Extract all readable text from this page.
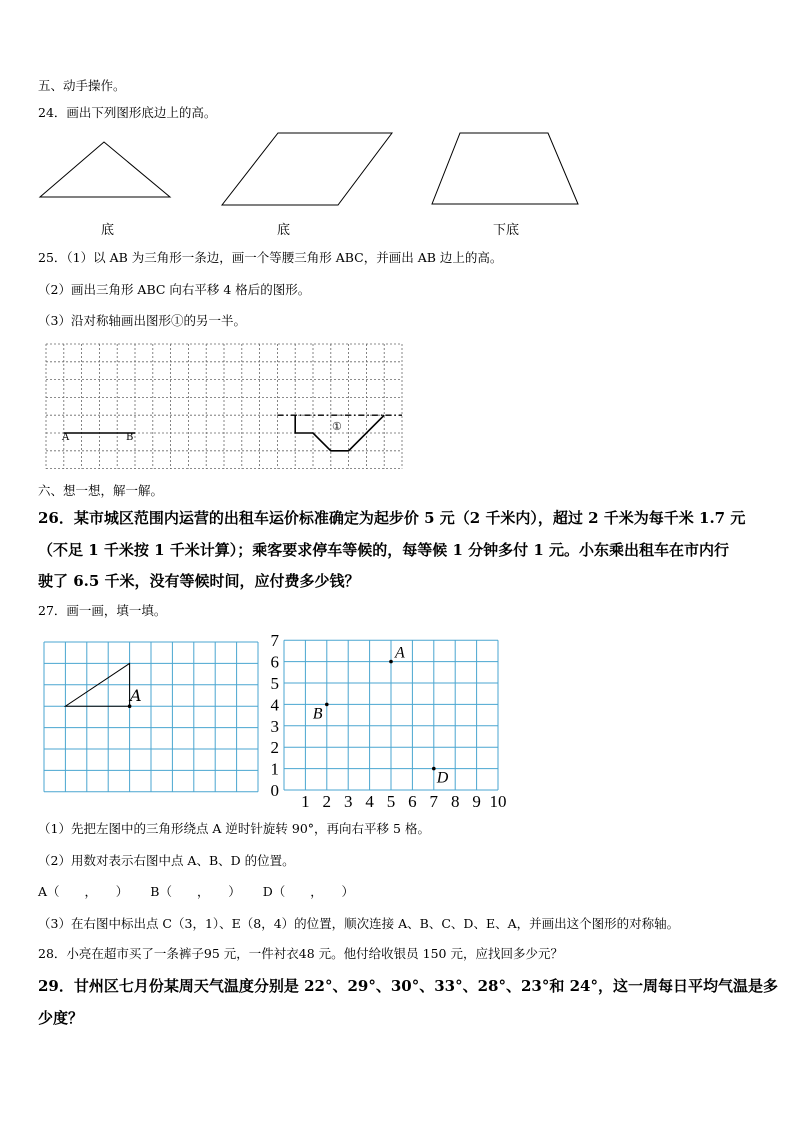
五、动手操作。
24．画出下列图形底边上的高。
底	底	下底
25．（1）以 AB 为三角形一条边，画一个等腰三角形 ABC，并画出 AB 边上的高。
（2）画出三角形 ABC 向右平移 4 格后的图形。
（3）沿对称轴画出图形①的另一半。
A	B
①
六、想一想，解一解。
26．某市城区范围内运营的出租车运价标准确定为起步价 5 元（2 千米内），超过 2 千米为每千米 1.7 元
（不足 1 千米按 1 千米计算）；乘客要求停车等候的，每等候 1 分钟多付 1 元。小东乘出租车在市内行
驶了 6.5 千米，没有等候时间，应付费多少钱？
27．画一画，填一填。
A
0
1
2
3
4
5
6
7
1 2 3 4 5 6 7 8 9 10
A
B
D
（1）先把左图中的三角形绕点 A 逆时针旋转 90°，再向右平移 5 格。
（2）用数对表示右图中点 A、B、D 的位置。
A（　　，　　） B（　　，　　） D（　　，　　）
（3）在右图中标出点 C（3，1）、E（8，4）的位置，顺次连接 A、B、C、D、E、A，并画出这个图形的对称轴。
28．小亮在超市买了一条裤子95 元，一件衬衣48 元。他付给收银员 150 元，应找回多少元？
29．甘州区七月份某周天气温度分别是 22°、29°、30°、33°、28°、23°和 24°，这一周每日平均气温是多
少度？
